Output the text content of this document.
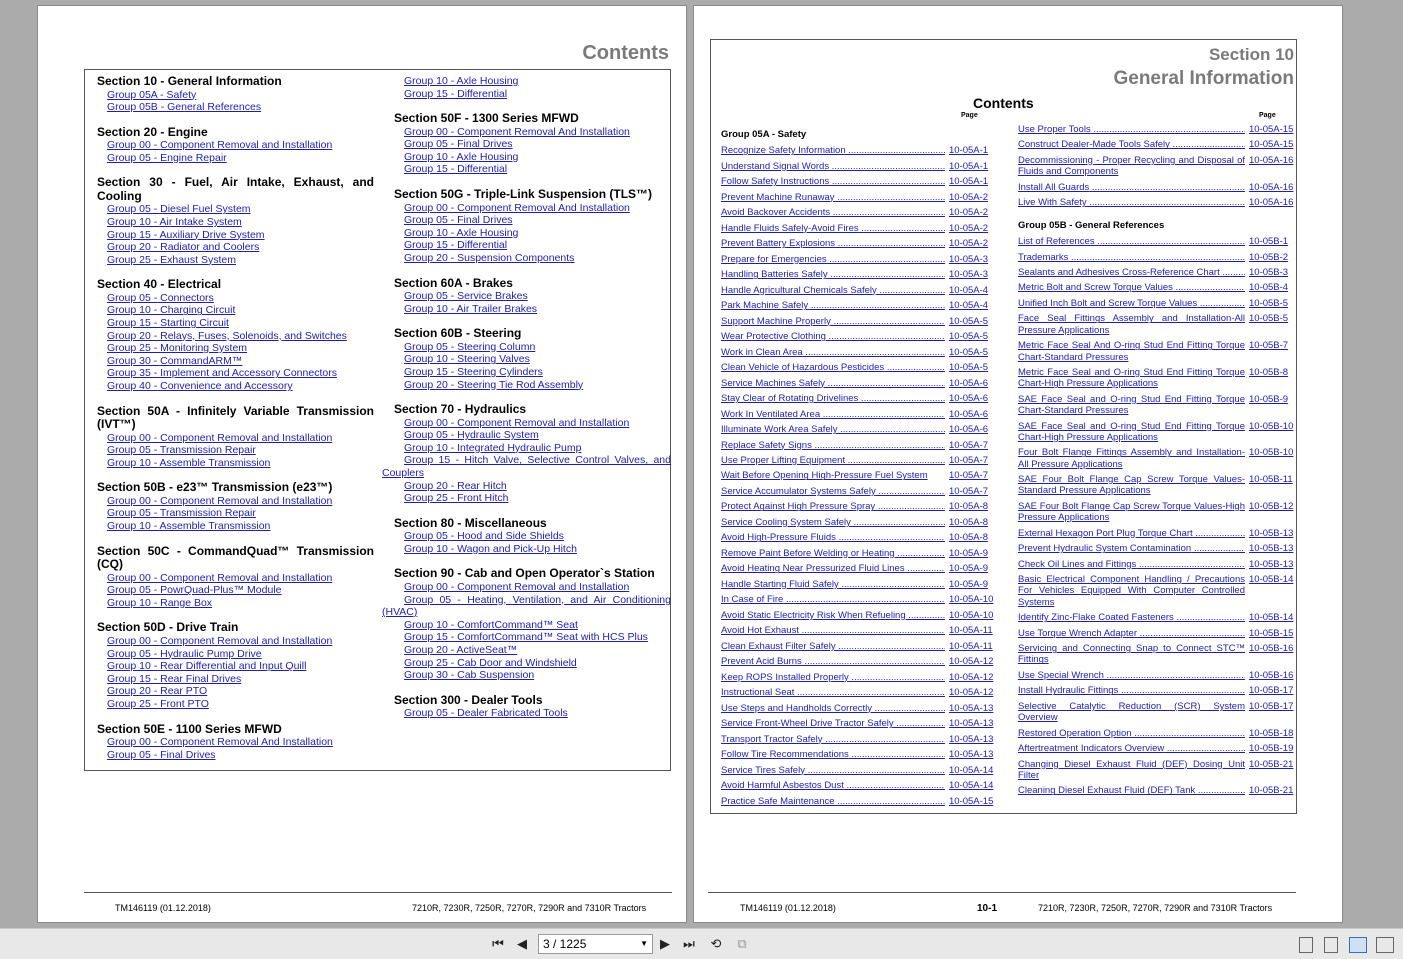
Contents
Section 10 - General Information
Group 05A - Safety
Group 05B - General References
Section 20 - Engine
Group 00 - Component Removal and Installation
Group 05 - Engine Repair
Section 30 - Fuel, Air Intake, Exhaust, and Cooling
Group 05 - Diesel Fuel System
Group 10 - Air Intake System
Group 15 - Auxiliary Drive System
Group 20 - Radiator and Coolers
Group 25 - Exhaust System
Section 40 - Electrical
Group 05 - Connectors
Group 10 - Charging Circuit
Group 15 - Starting Circuit
Group 20 - Relays, Fuses, Solenoids, and Switches
Group 25 - Monitoring System
Group 30 - CommandARM™
Group 35 - Implement and Accessory Connectors
Group 40 - Convenience and Accessory
Section 50A - Infinitely Variable Transmission (IVT™)
Group 00 - Component Removal and Installation
Group 05 - Transmission Repair
Group 10 - Assemble Transmission
Section 50B - e23™ Transmission (e23™)
Group 00 - Component Removal and Installation
Group 05 - Transmission Repair
Group 10 - Assemble Transmission
Section 50C - CommandQuad™ Transmission (CQ)
Group 00 - Component Removal and Installation
Group 05 - PowrQuad-Plus™ Module
Group 10 - Range Box
Section 50D - Drive Train
Group 00 - Component Removal and Installation
Group 05 - Hydraulic Pump Drive
Group 10 - Rear Differential and Input Quill
Group 15 - Rear Final Drives
Group 20 - Rear PTO
Group 25 - Front PTO
Section 50E - 1100 Series MFWD
Group 00 - Component Removal And Installation
Group 05 - Final Drives
Group 10 - Axle Housing
Group 15 - Differential
Section 50F - 1300 Series MFWD
Group 00 - Component Removal And Installation
Group 05 - Final Drives
Group 10 - Axle Housing
Group 15 - Differential
Section 50G - Triple-Link Suspension (TLS™)
Group 00 - Component Removal And Installation
Group 05 - Final Drives
Group 10 - Axle Housing
Group 15 - Differential
Group 20 - Suspension Components
Section 60A - Brakes
Group 05 - Service Brakes
Group 10 - Air Trailer Brakes
Section 60B - Steering
Group 05 - Steering Column
Group 10 - Steering Valves
Group 15 - Steering Cylinders
Group 20 - Steering Tie Rod Assembly
Section 70 - Hydraulics
Group 00 - Component Removal and Installation
Group 05 - Hydraulic System
Group 10 - Integrated Hydraulic Pump
Group 15 - Hitch Valve, Selective Control Valves, and Couplers
Group 20 - Rear Hitch
Group 25 - Front Hitch
Section 80 - Miscellaneous
Group 05 - Hood and Side Shields
Group 10 - Wagon and Pick-Up Hitch
Section 90 - Cab and Open Operator`s Station
Group 00 - Component Removal and Installation
Group 05 - Heating, Ventilation, and Air Conditioning (HVAC)
Group 10 - ComfortCommand™ Seat
Group 15 - ComfortCommand™ Seat with HCS Plus
Group 20 - ActiveSeat™
Group 25 - Cab Door and Windshield
Group 30 - Cab Suspension
Section 300 - Dealer Tools
Group 05 - Dealer Fabricated Tools
TM146119 (01.12.2018)	7210R, 7230R, 7250R, 7270R, 7290R and 7310R Tractors
Section 10
General Information
Contents
Page	Page
Group 05A - Safety
Recognize Safety Information .....	10-05A-1
Understand Signal Words .....	10-05A-1
Follow Safety Instructions .....	10-05A-1
Prevent Machine Runaway .....	10-05A-2
Avoid Backover Accidents .....	10-05A-2
Handle Fluids Safely-Avoid Fires .....	10-05A-2
Prevent Battery Explosions .....	10-05A-2
Prepare for Emergencies .....	10-05A-3
Handling Batteries Safely .....	10-05A-3
Handle Agricultural Chemicals Safely .....	10-05A-4
Park Machine Safely .....	10-05A-4
Support Machine Properly .....	10-05A-5
Wear Protective Clothing .....	10-05A-5
Work in Clean Area .....	10-05A-5
Clean Vehicle of Hazardous Pesticides .....	10-05A-5
Service Machines Safely .....	10-05A-6
Stay Clear of Rotating Drivelines .....	10-05A-6
Work In Ventilated Area .....	10-05A-6
Illuminate Work Area Safely .....	10-05A-6
Replace Safety Signs .....	10-05A-7
Use Proper Lifting Equipment .....	10-05A-7
Wait Before Opening High-Pressure Fuel System	10-05A-7
Service Accumulator Systems Safely .....	10-05A-7
Protect Against High Pressure Spray .....	10-05A-8
Service Cooling System Safely .....	10-05A-8
Avoid High-Pressure Fluids .....	10-05A-8
Remove Paint Before Welding or Heating .....	10-05A-9
Avoid Heating Near Pressurized Fluid Lines .....	10-05A-9
Handle Starting Fluid Safely .....	10-05A-9
In Case of Fire .....	10-05A-10
Avoid Static Electricity Risk When Refueling .....	10-05A-10
Avoid Hot Exhaust .....	10-05A-11
Clean Exhaust Filter Safely .....	10-05A-11
Prevent Acid Burns .....	10-05A-12
Keep ROPS Installed Properly .....	10-05A-12
Instructional Seat .....	10-05A-12
Use Steps and Handholds Correctly .....	10-05A-13
Service Front-Wheel Drive Tractor Safely .....	10-05A-13
Transport Tractor Safely .....	10-05A-13
Follow Tire Recommendations .....	10-05A-13
Service Tires Safely .....	10-05A-14
Avoid Harmful Asbestos Dust .....	10-05A-14
Practice Safe Maintenance .....	10-05A-15
Use Proper Tools .....	10-05A-15
Construct Dealer-Made Tools Safely .....	10-05A-15
Decommissioning - Proper Recycling and Disposal of Fluids and Components
10-05A-16
Install All Guards .....	10-05A-16
Live With Safety .....	10-05A-16
Group 05B - General References
List of References .....	10-05B-1
Trademarks .....	10-05B-2
Sealants and Adhesives Cross-Reference Chart .....	10-05B-3
Metric Bolt and Screw Torque Values .....	10-05B-4
Unified Inch Bolt and Screw Torque Values .....	10-05B-5
Face Seal Fittings Assembly and Installation-All Pressure Applications
10-05B-5
Metric Face Seal And O-ring Stud End Fitting Torque Chart-Standard Pressures
10-05B-7
Metric Face Seal and O-ring Stud End Fitting Torque Chart-High Pressure Applications
10-05B-8
SAE Face Seal and O-ring Stud End Fitting Torque Chart-Standard Pressures
10-05B-9
SAE Face Seal and O-ring Stud End Fitting Torque Chart-High Pressure Applications
10-05B-10
Four Bolt Flange Fittings Assembly and Installation-All Pressure Applications
10-05B-10
SAE Four Bolt Flange Cap Screw Torque Values-Standard Pressure Applications
10-05B-11
SAE Four Bolt Flange Cap Screw Torque Values-High Pressure Applications
10-05B-12
External Hexagon Port Plug Torque Chart .....	10-05B-13
Prevent Hydraulic System Contamination .....	10-05B-13
Check Oil Lines and Fittings .....	10-05B-13
Basic Electrical Component Handling / Precautions For Vehicles Equipped With Computer Controlled Systems
10-05B-14
Identify Zinc-Flake Coated Fasteners .....	10-05B-14
Use Torque Wrench Adapter .....	10-05B-15
Servicing and Connecting Snap to Connect STC™ Fittings
10-05B-16
Use Special Wrench .....	10-05B-16
Install Hydraulic Fittings .....	10-05B-17
Selective Catalytic Reduction (SCR) System Overview
10-05B-17
Restored Operation Option .....	10-05B-18
Aftertreatment Indicators Overview .....	10-05B-19
Changing Diesel Exhaust Fluid (DEF) Dosing Unit Filter
10-05B-21
Cleaning Diesel Exhaust Fluid (DEF) Tank .....	10-05B-21
TM146119 (01.12.2018)	10-1	7210R, 7230R, 7250R, 7270R, 7290R and 7310R Tractors
⏮	◀	3 / 1225	▼ ▶	⏭ ⟲	⧉
